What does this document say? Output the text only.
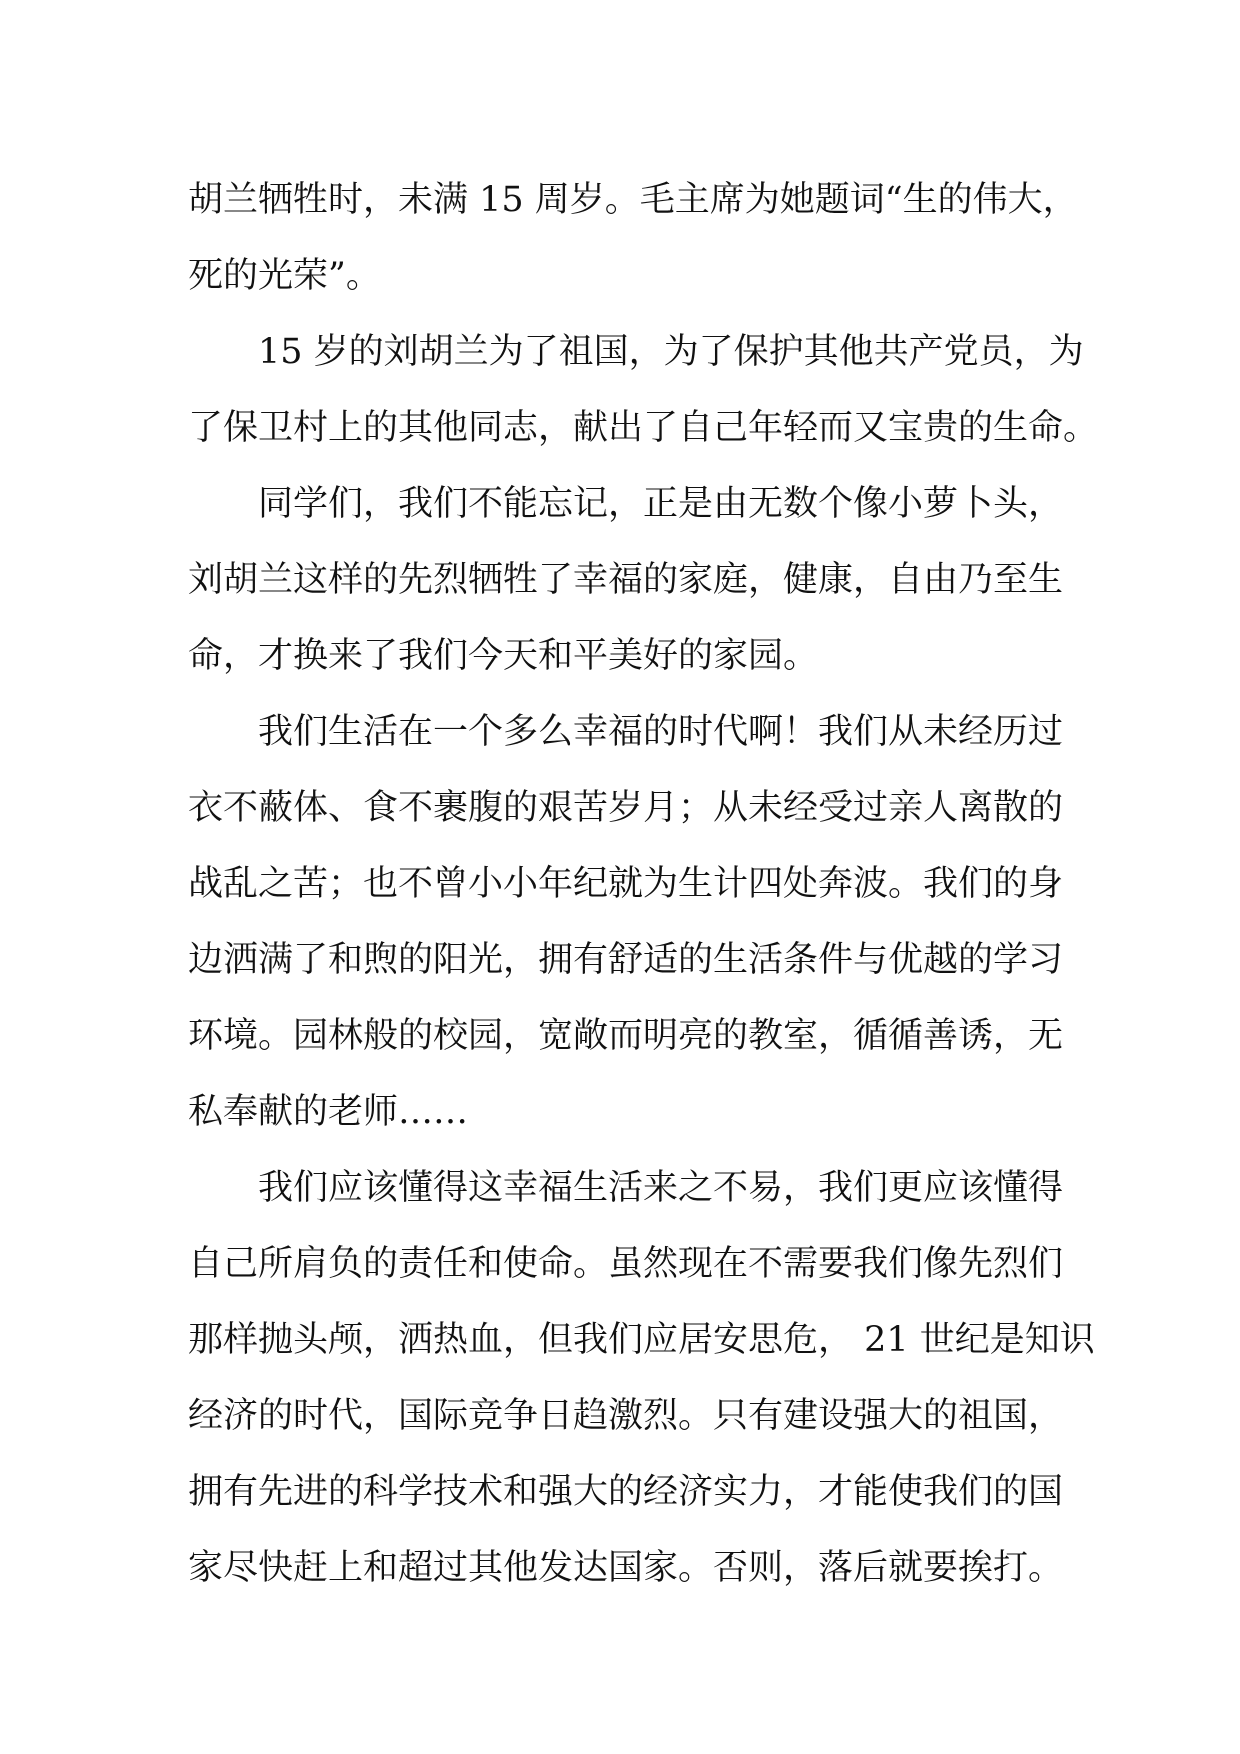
胡兰牺牲时，未满 15 周岁。毛主席为她题词“生的伟大，
死的光荣”。
15 岁的刘胡兰为了祖国，为了保护其他共产党员，为
了保卫村上的其他同志，献出了自己年轻而又宝贵的生命。
同学们，我们不能忘记，正是由无数个像小萝卜头，
刘胡兰这样的先烈牺牲了幸福的家庭，健康，自由乃至生
命，才换来了我们今天和平美好的家园。
我们生活在一个多么幸福的时代啊！我们从未经历过
衣不蔽体、食不裹腹的艰苦岁月；从未经受过亲人离散的
战乱之苦；也不曾小小年纪就为生计四处奔波。我们的身
边洒满了和煦的阳光，拥有舒适的生活条件与优越的学习
环境。园林般的校园，宽敞而明亮的教室，循循善诱，无
私奉献的老师……
我们应该懂得这幸福生活来之不易，我们更应该懂得
自己所肩负的责任和使命。虽然现在不需要我们像先烈们
那样抛头颅，洒热血，但我们应居安思危， 21 世纪是知识
经济的时代，国际竞争日趋激烈。只有建设强大的祖国，
拥有先进的科学技术和强大的经济实力，才能使我们的国
家尽快赶上和超过其他发达国家。否则，落后就要挨打。
